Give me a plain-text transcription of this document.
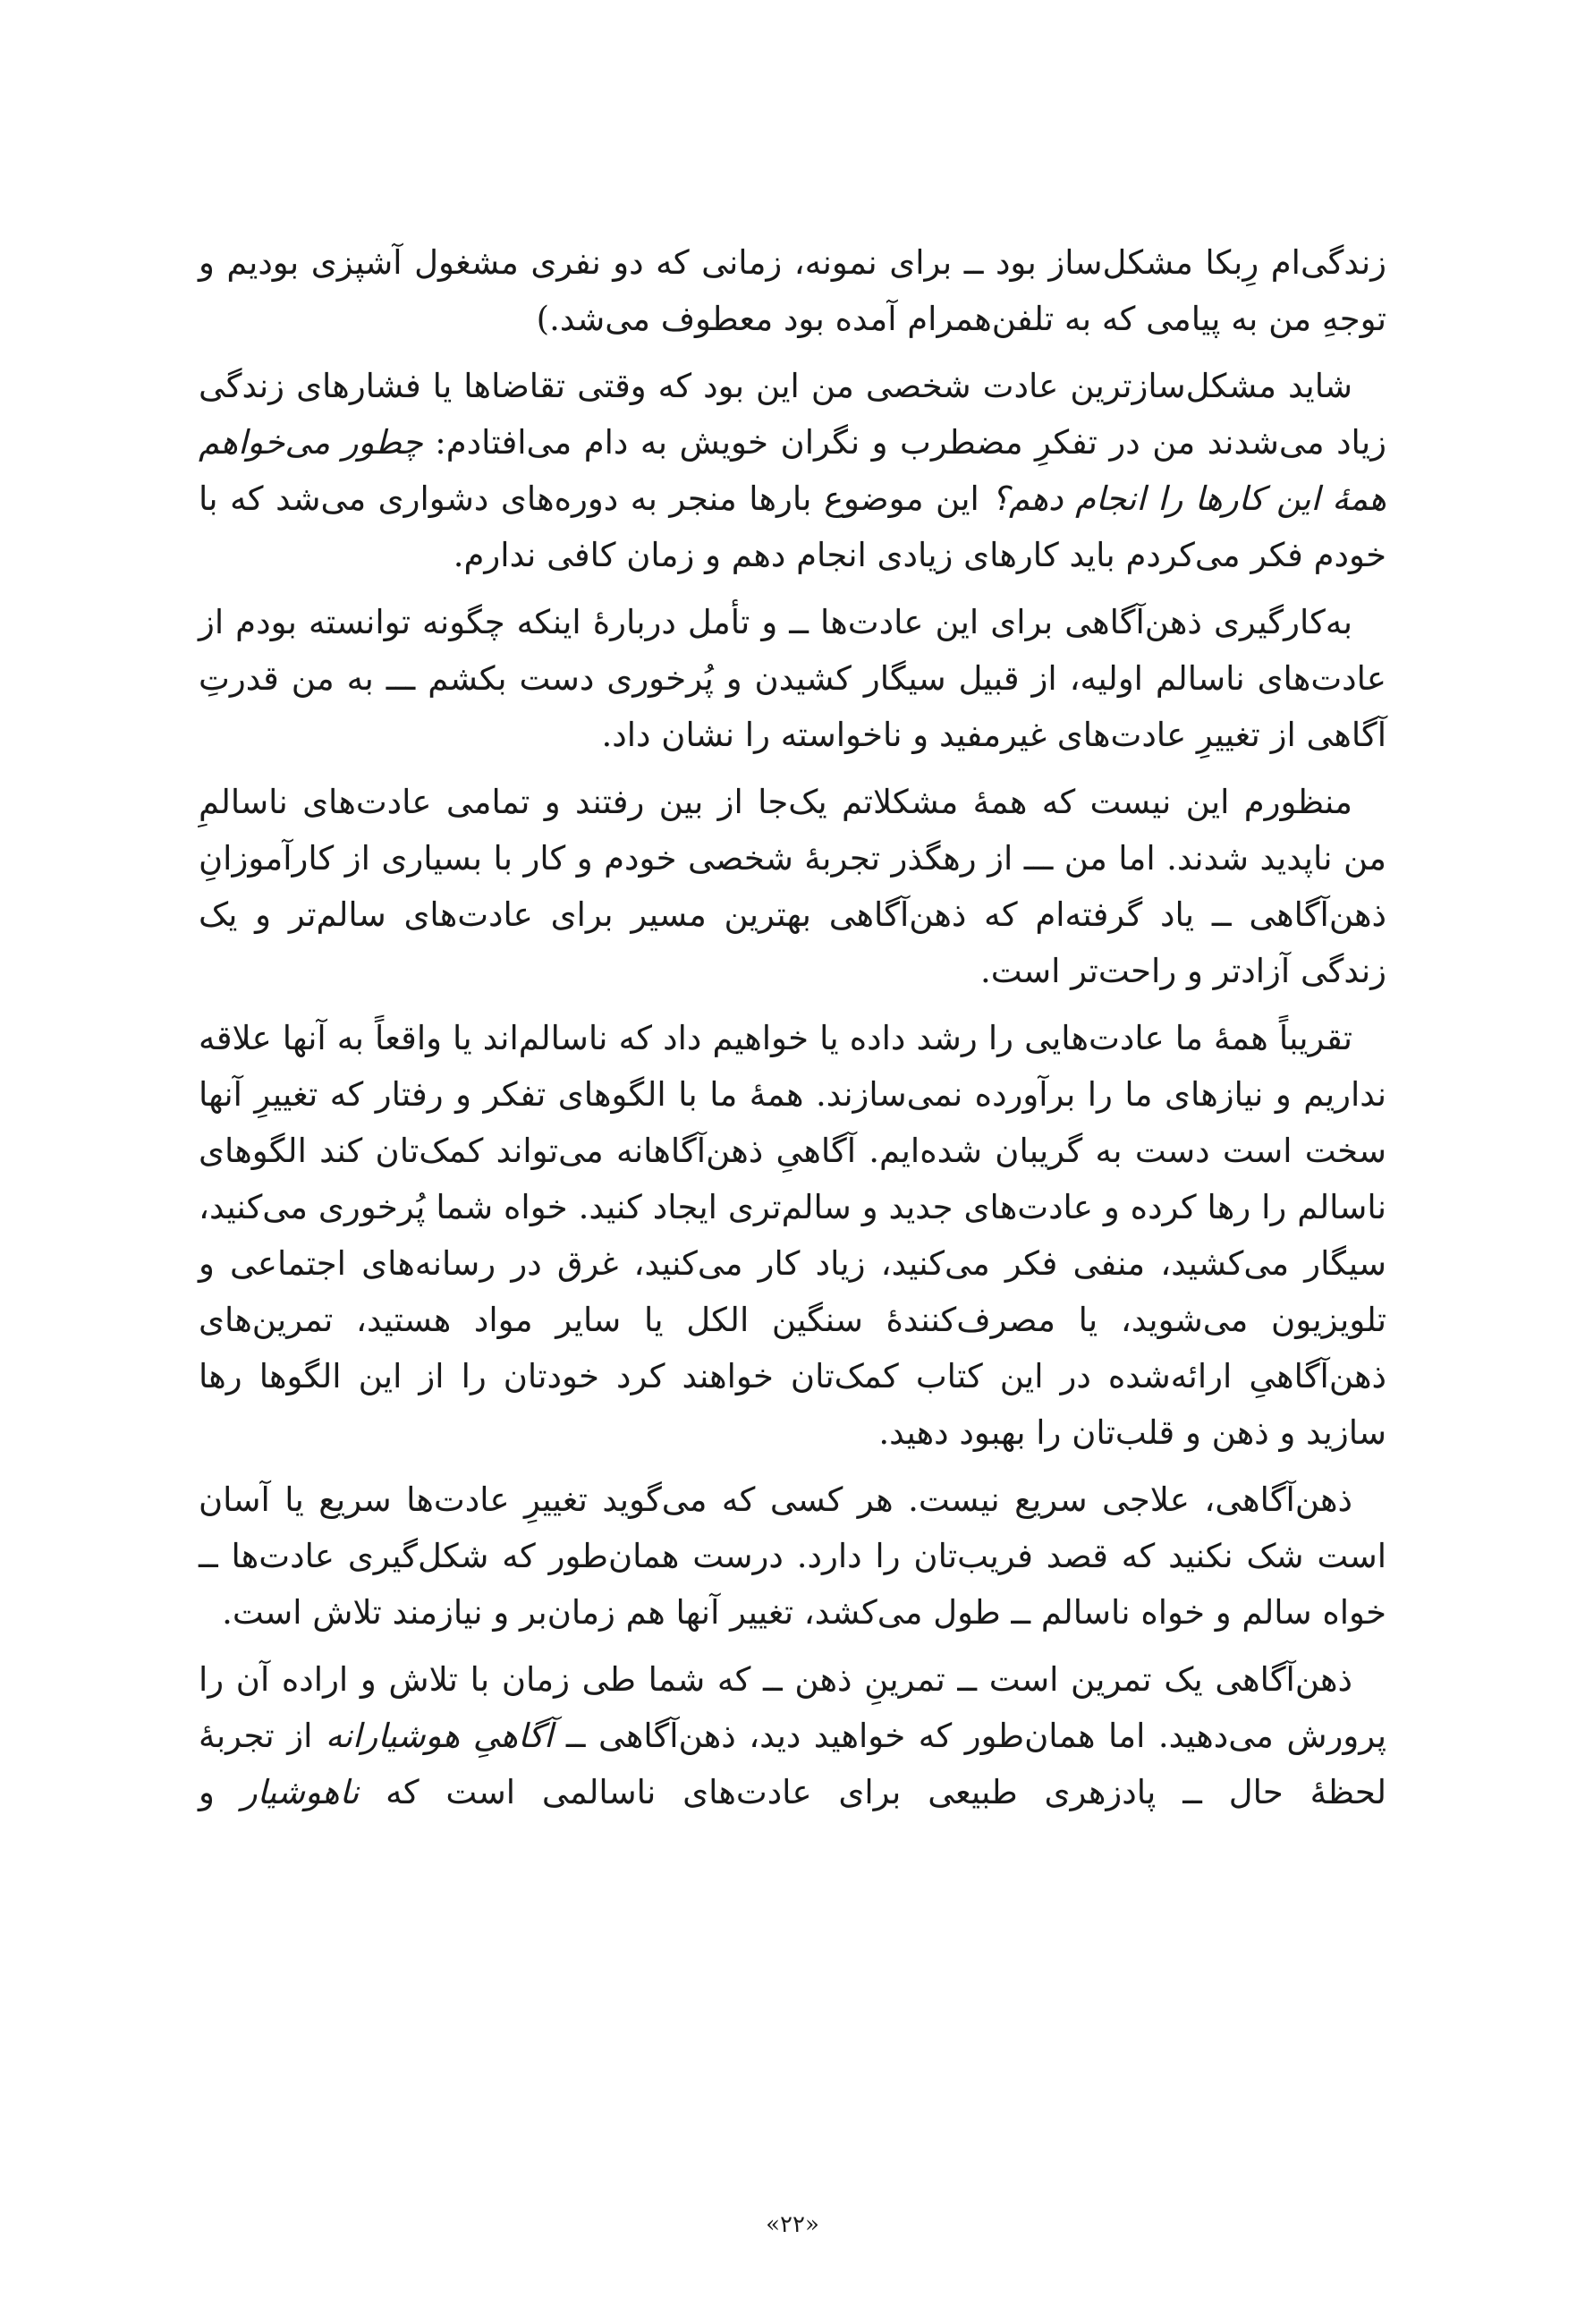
زندگی‌ام رِبکا مشکل‌ساز بود ــ برای نمونه، زمانی که دو نفری مشغول آشپزی بودیم و توجهِ من به پیامی که به تلفن‌همرام آمده بود معطوف می‌شد.)

شاید مشکل‌سازترین عادت شخصی من این بود که وقتی تقاضاها یا فشارهای زندگی زیاد می‌شدند من در تفکرِ مضطرب و نگران خویش به دام می‌افتادم: چطور می‌خواهم همهٔ این کارها را انجام دهم؟ این موضوع بارها منجر به دوره‌های دشواری می‌شد که با خودم فکر می‌کردم باید کارهای زیادی انجام دهم و زمان کافی ندارم.

به‌کارگیری ذهن‌آگاهی برای این عادت‌ها ــ و تأمل دربارهٔ اینکه چگونه توانسته بودم از عادت‌های ناسالم اولیه، از قبیل سیگار کشیدن و پُرخوری دست بکشم ـــ به من قدرتِ آگاهی از تغییرِ عادت‌های غیرمفید و ناخواسته را نشان داد.

منظورم این نیست که همهٔ مشکلاتم یک‌جا از بین رفتند و تمامی عادت‌های ناسالمِ من ناپدید شدند. اما من ـــ از رهگذر تجربهٔ شخصی خودم و کار با بسیاری از کارآموزانِ ذهن‌آگاهی ــ یاد گرفته‌ام که ذهن‌آگاهی بهترین مسیر برای عادت‌های سالم‌تر و یک زندگی آزادتر و راحت‌تر است.

تقریباً همهٔ ما عادت‌هایی را رشد داده یا خواهیم داد که ناسالم‌اند یا واقعاً به آنها علاقه نداریم و نیازهای ما را برآورده نمی‌سازند. همهٔ ما با الگوهای تفکر و رفتار که تغییرِ آنها سخت است دست به گریبان شده‌ایم. آگاهیِ ذهن‌آگاهانه می‌تواند کمک‌تان کند الگوهای ناسالم را رها کرده و عادت‌های جدید و سالم‌تری ایجاد کنید. خواه شما پُرخوری می‌کنید، سیگار می‌کشید، منفی فکر می‌کنید، زیاد کار می‌کنید، غرق در رسانه‌های اجتماعی و تلویزیون می‌شوید، یا مصرف‌کنندهٔ سنگین الکل یا سایر مواد هستید، تمرین‌های ذهن‌آگاهیِ ارائه‌شده در این کتاب کمک‌تان خواهند کرد خودتان را از این الگوها رها سازید و ذهن و قلب‌تان را بهبود دهید.

ذهن‌آگاهی، علاجی سریع نیست. هر کسی که می‌گوید تغییرِ عادت‌ها سریع یا آسان است شک نکنید که قصد فریب‌تان را دارد. درست همان‌طور که شکل‌گیری عادت‌ها ــ خواه سالم و خواه ناسالم ــ طول می‌کشد، تغییر آنها هم زمان‌بر و نیازمند تلاش است.

ذهن‌آگاهی یک تمرین است ــ تمرینِ ذهن ــ که شما طی زمان با تلاش و اراده آن را پرورش می‌دهید. اما همان‌طور که خواهید دید، ذهن‌آگاهی ــ آگاهیِ هوشیارانه از تجربهٔ لحظهٔ حال ــ پادزهری طبیعی برای عادت‌های ناسالمی است که ناهوشیار و

«۲۲»
